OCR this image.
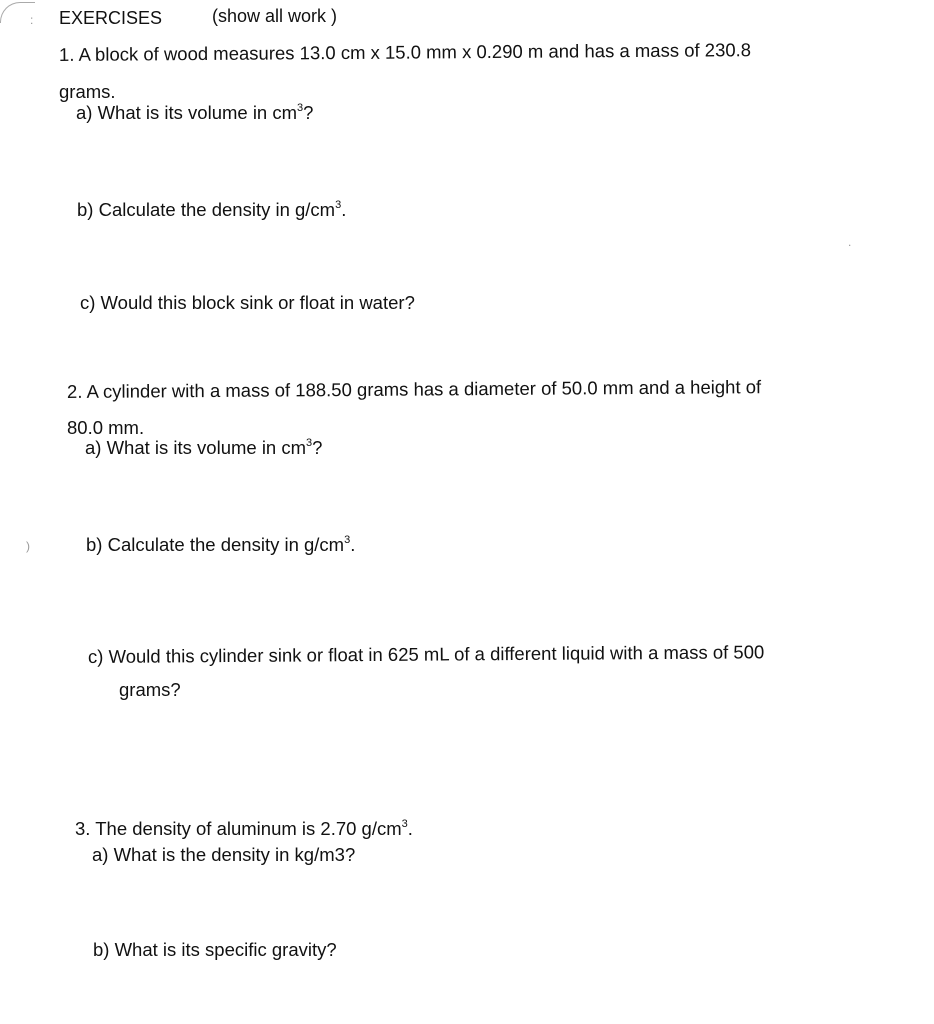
:
)
.
EXERCISES	(show all work )
1. A block of wood measures 13.0 cm x 15.0 mm x 0.290 m and has a mass of 230.8
grams.
a) What is its volume in $cm^3$?
b) Calculate the density in $g/cm^3$.
c) Would this block sink or float in water?
2. A cylinder with a mass of 188.50 grams has a diameter of 50.0 mm and a height of
80.0 mm.
a) What is its volume in $cm^3$?
b) Calculate the density in $g/cm^3$.
c) Would this cylinder sink or float in 625 mL of a different liquid with a mass of 500
grams?
3. The density of aluminum is 2.70 $g/cm^3$.
a) What is the density in kg/m3?
b) What is its specific gravity?
